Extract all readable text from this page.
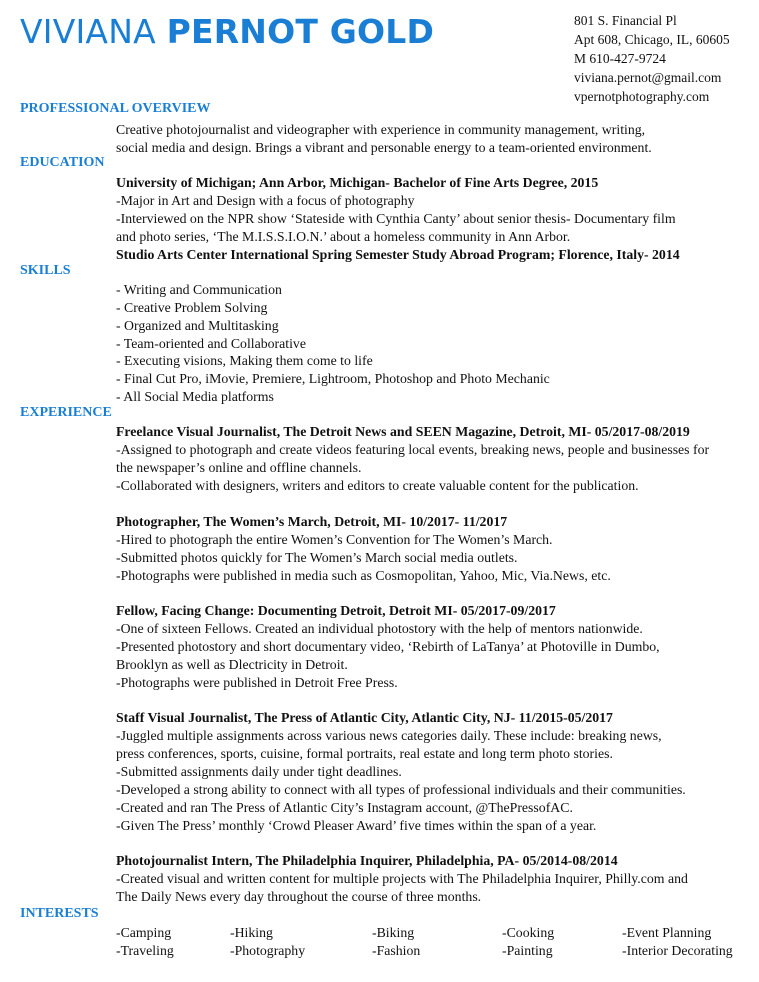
VIVIANA PERNOT GOLD	801 S. Financial Pl
Apt 608, Chicago, IL, 60605
M 610-427-9724
viviana.pernot@gmail.com
vpernotphotography.com
PROFESSIONAL OVERVIEW
Creative photojournalist and videographer with experience in community management, writing,
social media and design. Brings a vibrant and personable energy to a team-oriented environment.
EDUCATION
University of Michigan; Ann Arbor, Michigan- Bachelor of Fine Arts Degree, 2015
-Major in Art and Design with a focus of photography
-Interviewed on the NPR show ‘Stateside with Cynthia Canty’ about senior thesis- Documentary film
and photo series, ‘The M.I.S.S.I.O.N.’ about a homeless community in Ann Arbor.
Studio Arts Center International Spring Semester Study Abroad Program; Florence, Italy- 2014
SKILLS
- Writing and Communication
- Creative Problem Solving
- Organized and Multitasking
- Team-oriented and Collaborative
- Executing visions, Making them come to life
- Final Cut Pro, iMovie, Premiere, Lightroom, Photoshop and Photo Mechanic
- All Social Media platforms
EXPERIENCE
Freelance Visual Journalist, The Detroit News and SEEN Magazine, Detroit, MI- 05/2017-08/2019
-Assigned to photograph and create videos featuring local events, breaking news, people and businesses for
the newspaper’s online and offline channels.
-Collaborated with designers, writers and editors to create valuable content for the publication.
Photographer, The Women’s March, Detroit, MI- 10/2017- 11/2017
-Hired to photograph the entire Women’s Convention for The Women’s March.
-Submitted photos quickly for The Women’s March social media outlets.
-Photographs were published in media such as Cosmopolitan, Yahoo, Mic, Via.News, etc.
Fellow, Facing Change: Documenting Detroit, Detroit MI- 05/2017-09/2017
-One of sixteen Fellows. Created an individual photostory with the help of mentors nationwide.
-Presented photostory and short documentary video, ‘Rebirth of LaTanya’ at Photoville in Dumbo,
Brooklyn as well as Dlectricity in Detroit.
-Photographs were published in Detroit Free Press.
Staff Visual Journalist, The Press of Atlantic City, Atlantic City, NJ- 11/2015-05/2017
-Juggled multiple assignments across various news categories daily. These include: breaking news,
press conferences, sports, cuisine, formal portraits, real estate and long term photo stories.
-Submitted assignments daily under tight deadlines.
-Developed a strong ability to connect with all types of professional individuals and their communities.
-Created and ran The Press of Atlantic City’s Instagram account, @ThePressofAC.
-Given The Press’ monthly ‘Crowd Pleaser Award’ five times within the span of a year.
Photojournalist Intern, The Philadelphia Inquirer, Philadelphia, PA- 05/2014-08/2014
-Created visual and written content for multiple projects with The Philadelphia Inquirer, Philly.com and
The Daily News every day throughout the course of three months.
INTERESTS
-Camping
-Traveling
-Hiking
-Photography
-Biking
-Fashion
-Cooking
-Painting
-Event Planning
-Interior Decorating
